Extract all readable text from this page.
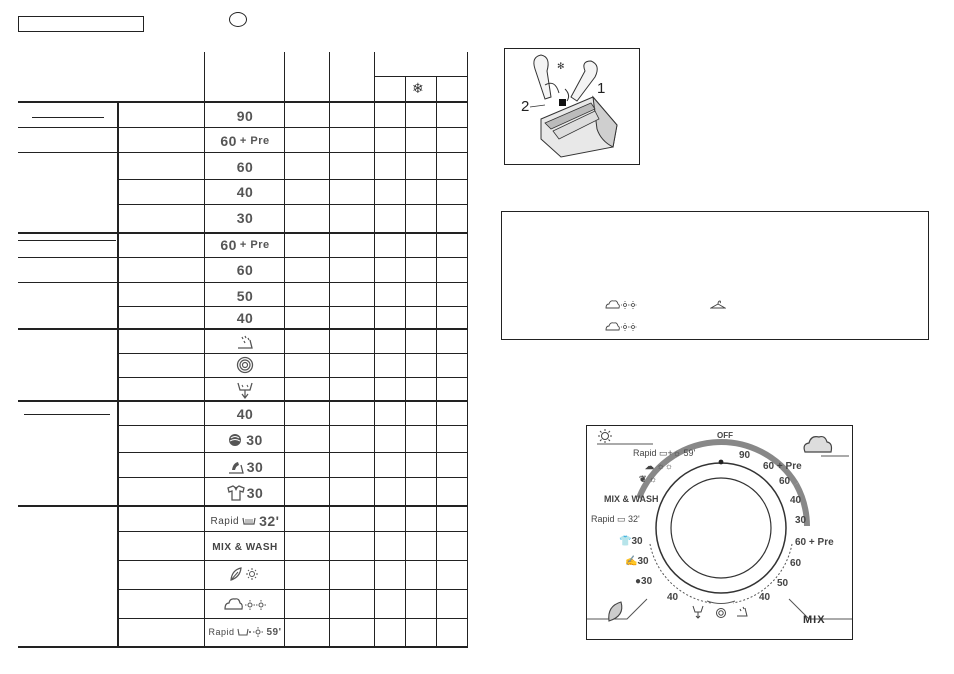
❄
90
60 + Pre
60
40
30
60 + Pre
60
50
40
40
30
30
30
Rapid 32'
MIX & WASH
Rapid	59'
✻
1
2
OFF
90
60 + Pre
60
40
30
60 + Pre
60
50
40
Rapid ▭+☼ 59'
☁ ☼☼
❦ ☼
MIX & WASH
Rapid ▭ 32'
👕30
✍30
●30
40
MIX
